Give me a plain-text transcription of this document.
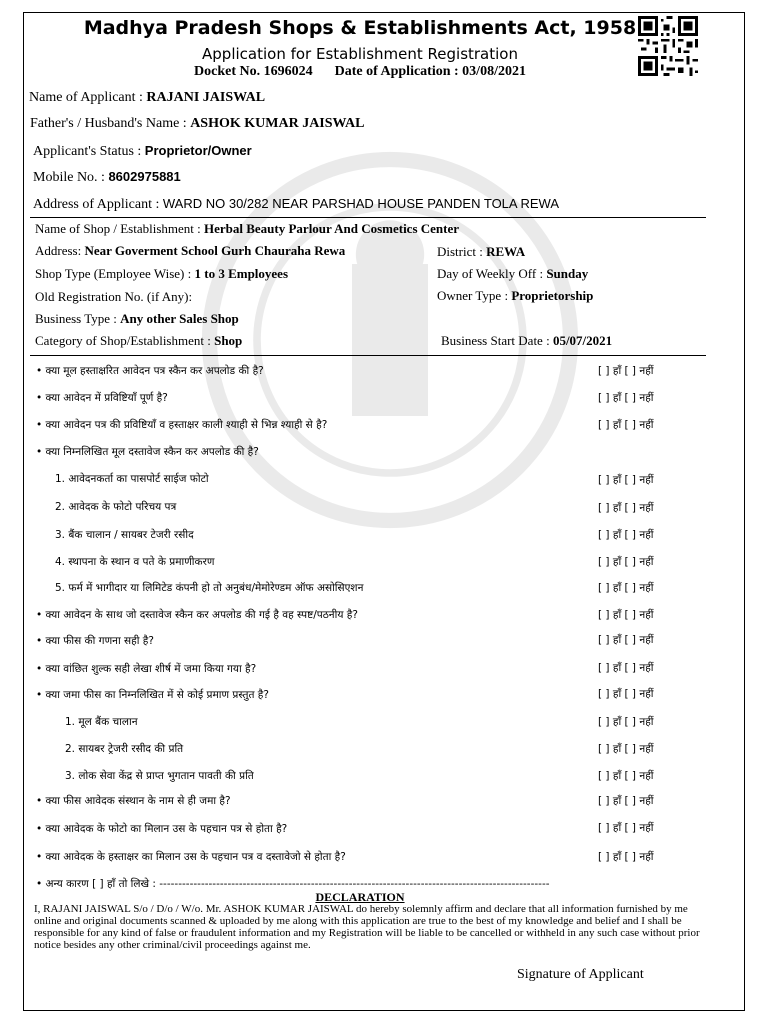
Madhya Pradesh Shops & Establishments Act, 1958
Application for Establishment Registration
Docket No. 1696024 Date of Application : 03/08/2021
Name of Applicant : RAJANI JAISWAL
Father's / Husband's Name : ASHOK KUMAR JAISWAL
Applicant's Status : Proprietor/Owner
Mobile No. : 8602975881
Address of Applicant : WARD NO 30/282 NEAR PARSHAD HOUSE PANDEN TOLA REWA
Name of Shop / Establishment : Herbal Beauty Parlour And Cosmetics Center
Address: Near Goverment School Gurh Chauraha Rewa	District : REWA
Shop Type (Employee Wise) : 1 to 3 Employees	Day of Weekly Off : Sunday
Old Registration No. (if Any):	Owner Type : Proprietorship
Business Type : Any other Sales Shop
Category of Shop/Establishment : Shop	Business Start Date : 05/07/2021
• क्या मूल हस्ताक्षरित आवेदन पत्र स्कैन कर अपलोड की है?	[ ] हाँ [ ] नहीं
• क्या आवेदन में प्रविष्टियाँ पूर्ण है?	[ ] हाँ [ ] नहीं
• क्या आवेदन पत्र की प्रविष्टियाँ व हस्ताक्षर काली श्याही से भिन्न श्याही से है?	[ ] हाँ [ ] नहीं
• क्या निम्नलिखित मूल दस्तावेज स्कैन कर अपलोड की है?
1. आवेदनकर्ता का पासपोर्ट साईज फोटो	[ ] हाँ [ ] नहीं
2. आवेदक के फोटो परिचय पत्र	[ ] हाँ [ ] नहीं
3. बैंक चालान / सायबर टेजरी रसीद	[ ] हाँ [ ] नहीं
4. स्थापना के स्थान व पते के प्रमाणीकरण	[ ] हाँ [ ] नहीं
5. फर्म में भागीदार या लिमिटेड कंपनी हो तो अनुबंध/मेमोरेण्डम ऑफ असोसिएशन	[ ] हाँ [ ] नहीं
• क्या आवेदन के साथ जो दस्तावेज स्कैन कर अपलोड की गई है वह स्पष्ट/पठनीय है?	[ ] हाँ [ ] नहीं
• क्या फीस की गणना सही है?	[ ] हाँ [ ] नहीं
• क्या वांछित शुल्क सही लेखा शीर्ष में जमा किया गया है?	[ ] हाँ [ ] नहीं
• क्या जमा फीस का निम्नलिखित में से कोई प्रमाण प्रस्तुत है?	[ ] हाँ [ ] नहीं
1. मूल बैंक चालान	[ ] हाँ [ ] नहीं
2. सायबर ट्रेजरी रसीद की प्रति	[ ] हाँ [ ] नहीं
3. लोक सेवा केंद्र से प्राप्त भुगतान पावती की प्रति	[ ] हाँ [ ] नहीं
• क्या फीस आवेदक संस्थान के नाम से ही जमा है?	[ ] हाँ [ ] नहीं
• क्या आवेदक के फोटो का मिलान उस के पहचान पत्र से होता है?	[ ] हाँ [ ] नहीं
• क्या आवेदक के हस्ताक्षर का मिलान उस के पहचान पत्र व दस्तावेजो से होता है?	[ ] हाँ [ ] नहीं
• अन्य कारण [ ] हाँ तो लिखे : -------------------------------------------------------------------------------------------------------
DECLARATION
I, RAJANI JAISWAL S/o / D/o / W/o. Mr. ASHOK KUMAR JAISWAL do hereby solemnly affirm and declare that all information furnished by me online and original documents scanned & uploaded by me along with this application are true to the best of my knowledge and belief and I shall be responsible for any kind of false or fraudulent information and my Registration will be liable to be cancelled or withheld in any such case without prior notice besides any other criminal/civil proceedings against me.
Signature of Applicant
